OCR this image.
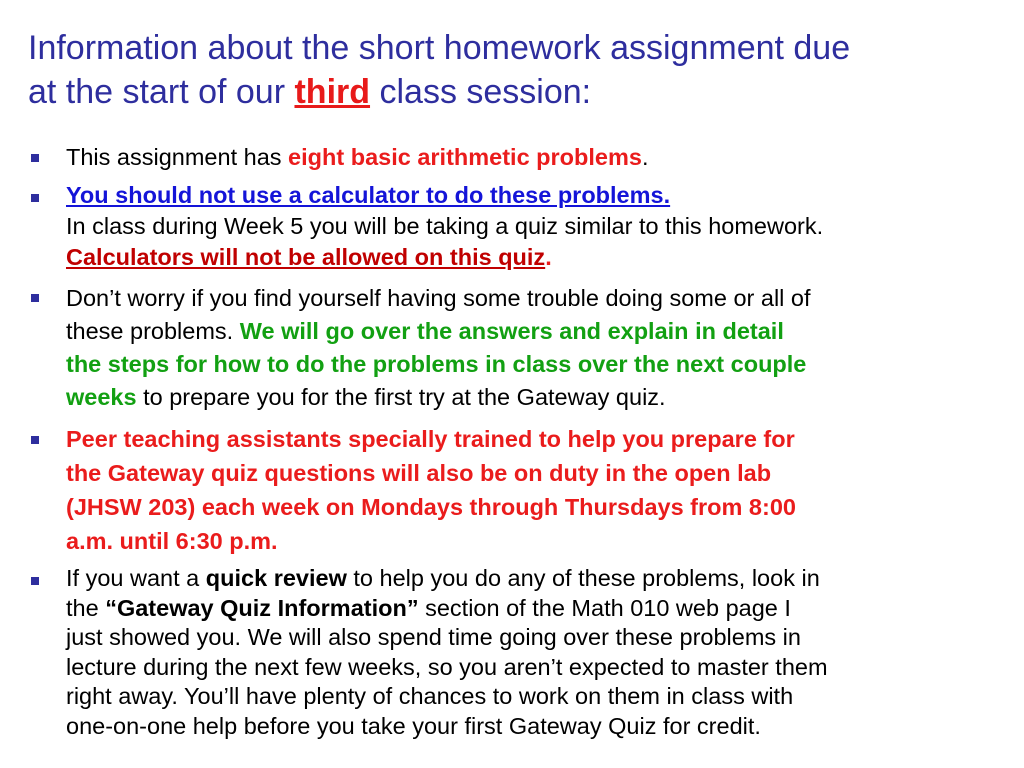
Information about the short homework assignment due
at the start of our third class session:

This assignment has eight basic arithmetic problems.

You should not use a calculator to do these problems.
In class during Week 5 you will be taking a quiz similar to this homework.
Calculators will not be allowed on this quiz.

Don’t worry if you find yourself having some trouble doing some or all of
these problems. We will go over the answers and explain in detail
the steps for how to do the problems in class over the next couple
weeks to prepare you for the first try at the Gateway quiz.

Peer teaching assistants specially trained to help you prepare for
the Gateway quiz questions will also be on duty in the open lab
(JHSW 203) each week on Mondays through Thursdays from 8:00
a.m. until 6:30 p.m.

If you want a quick review to help you do any of these problems, look in
the “Gateway Quiz Information” section of the Math 010 web page I
just showed you. We will also spend time going over these problems in
lecture during the next few weeks, so you aren’t expected to master them
right away. You’ll have plenty of chances to work on them in class with
one-on-one help before you take your first Gateway Quiz for credit.
